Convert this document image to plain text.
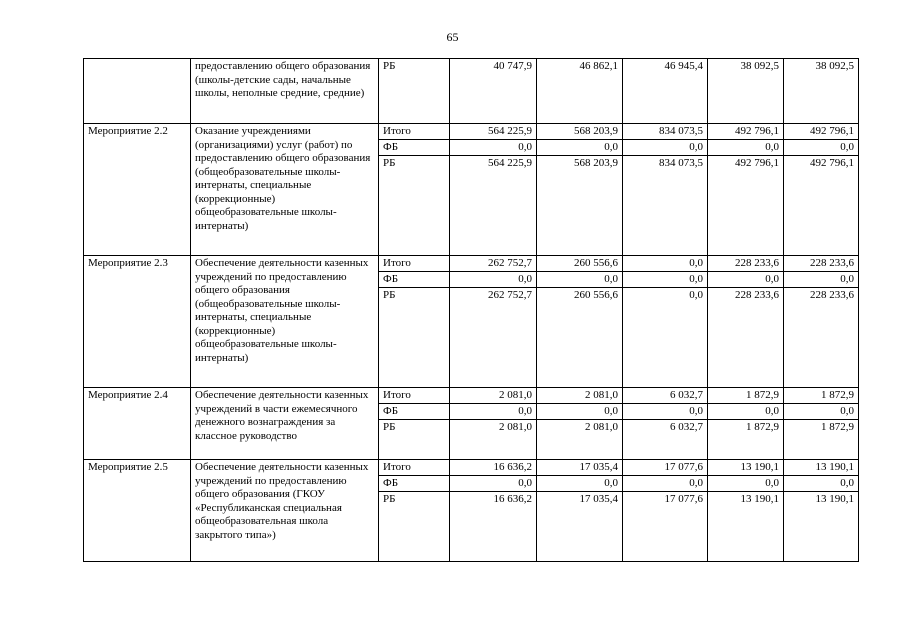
65
	предоставлению общего образования (школы-детские сады, начальные школы, неполные средние, средние)	РБ	40 747,9	46 862,1	46 945,4	38 092,5	38 092,5
Мероприятие 2.2	Оказание учреждениями (организациями) услуг (работ) по предоставлению общего образования (общеобразовательные школы-интернаты, специальные (коррекционные) общеобразовательные школы-интернаты)	Итого	564 225,9	568 203,9	834 073,5	492 796,1	492 796,1
		ФБ	0,0	0,0	0,0	0,0	0,0
		РБ	564 225,9	568 203,9	834 073,5	492 796,1	492 796,1
Мероприятие 2.3	Обеспечение деятельности казенных учреждений по предоставлению общего образования (общеобразовательные школы-интернаты, специальные (коррекционные) общеобразовательные школы-интернаты)	Итого	262 752,7	260 556,6	0,0	228 233,6	228 233,6
		ФБ	0,0	0,0	0,0	0,0	0,0
		РБ	262 752,7	260 556,6	0,0	228 233,6	228 233,6
Мероприятие 2.4	Обеспечение деятельности казенных учреждений в части ежемесячного денежного вознаграждения за классное руководство	Итого	2 081,0	2 081,0	6 032,7	1 872,9	1 872,9
		ФБ	0,0	0,0	0,0	0,0	0,0
		РБ	2 081,0	2 081,0	6 032,7	1 872,9	1 872,9
Мероприятие 2.5	Обеспечение деятельности казенных учреждений по предоставлению общего образования (ГКОУ «Республиканская специальная общеобразовательная школа закрытого типа»)	Итого	16 636,2	17 035,4	17 077,6	13 190,1	13 190,1
		ФБ	0,0	0,0	0,0	0,0	0,0
		РБ	16 636,2	17 035,4	17 077,6	13 190,1	13 190,1
